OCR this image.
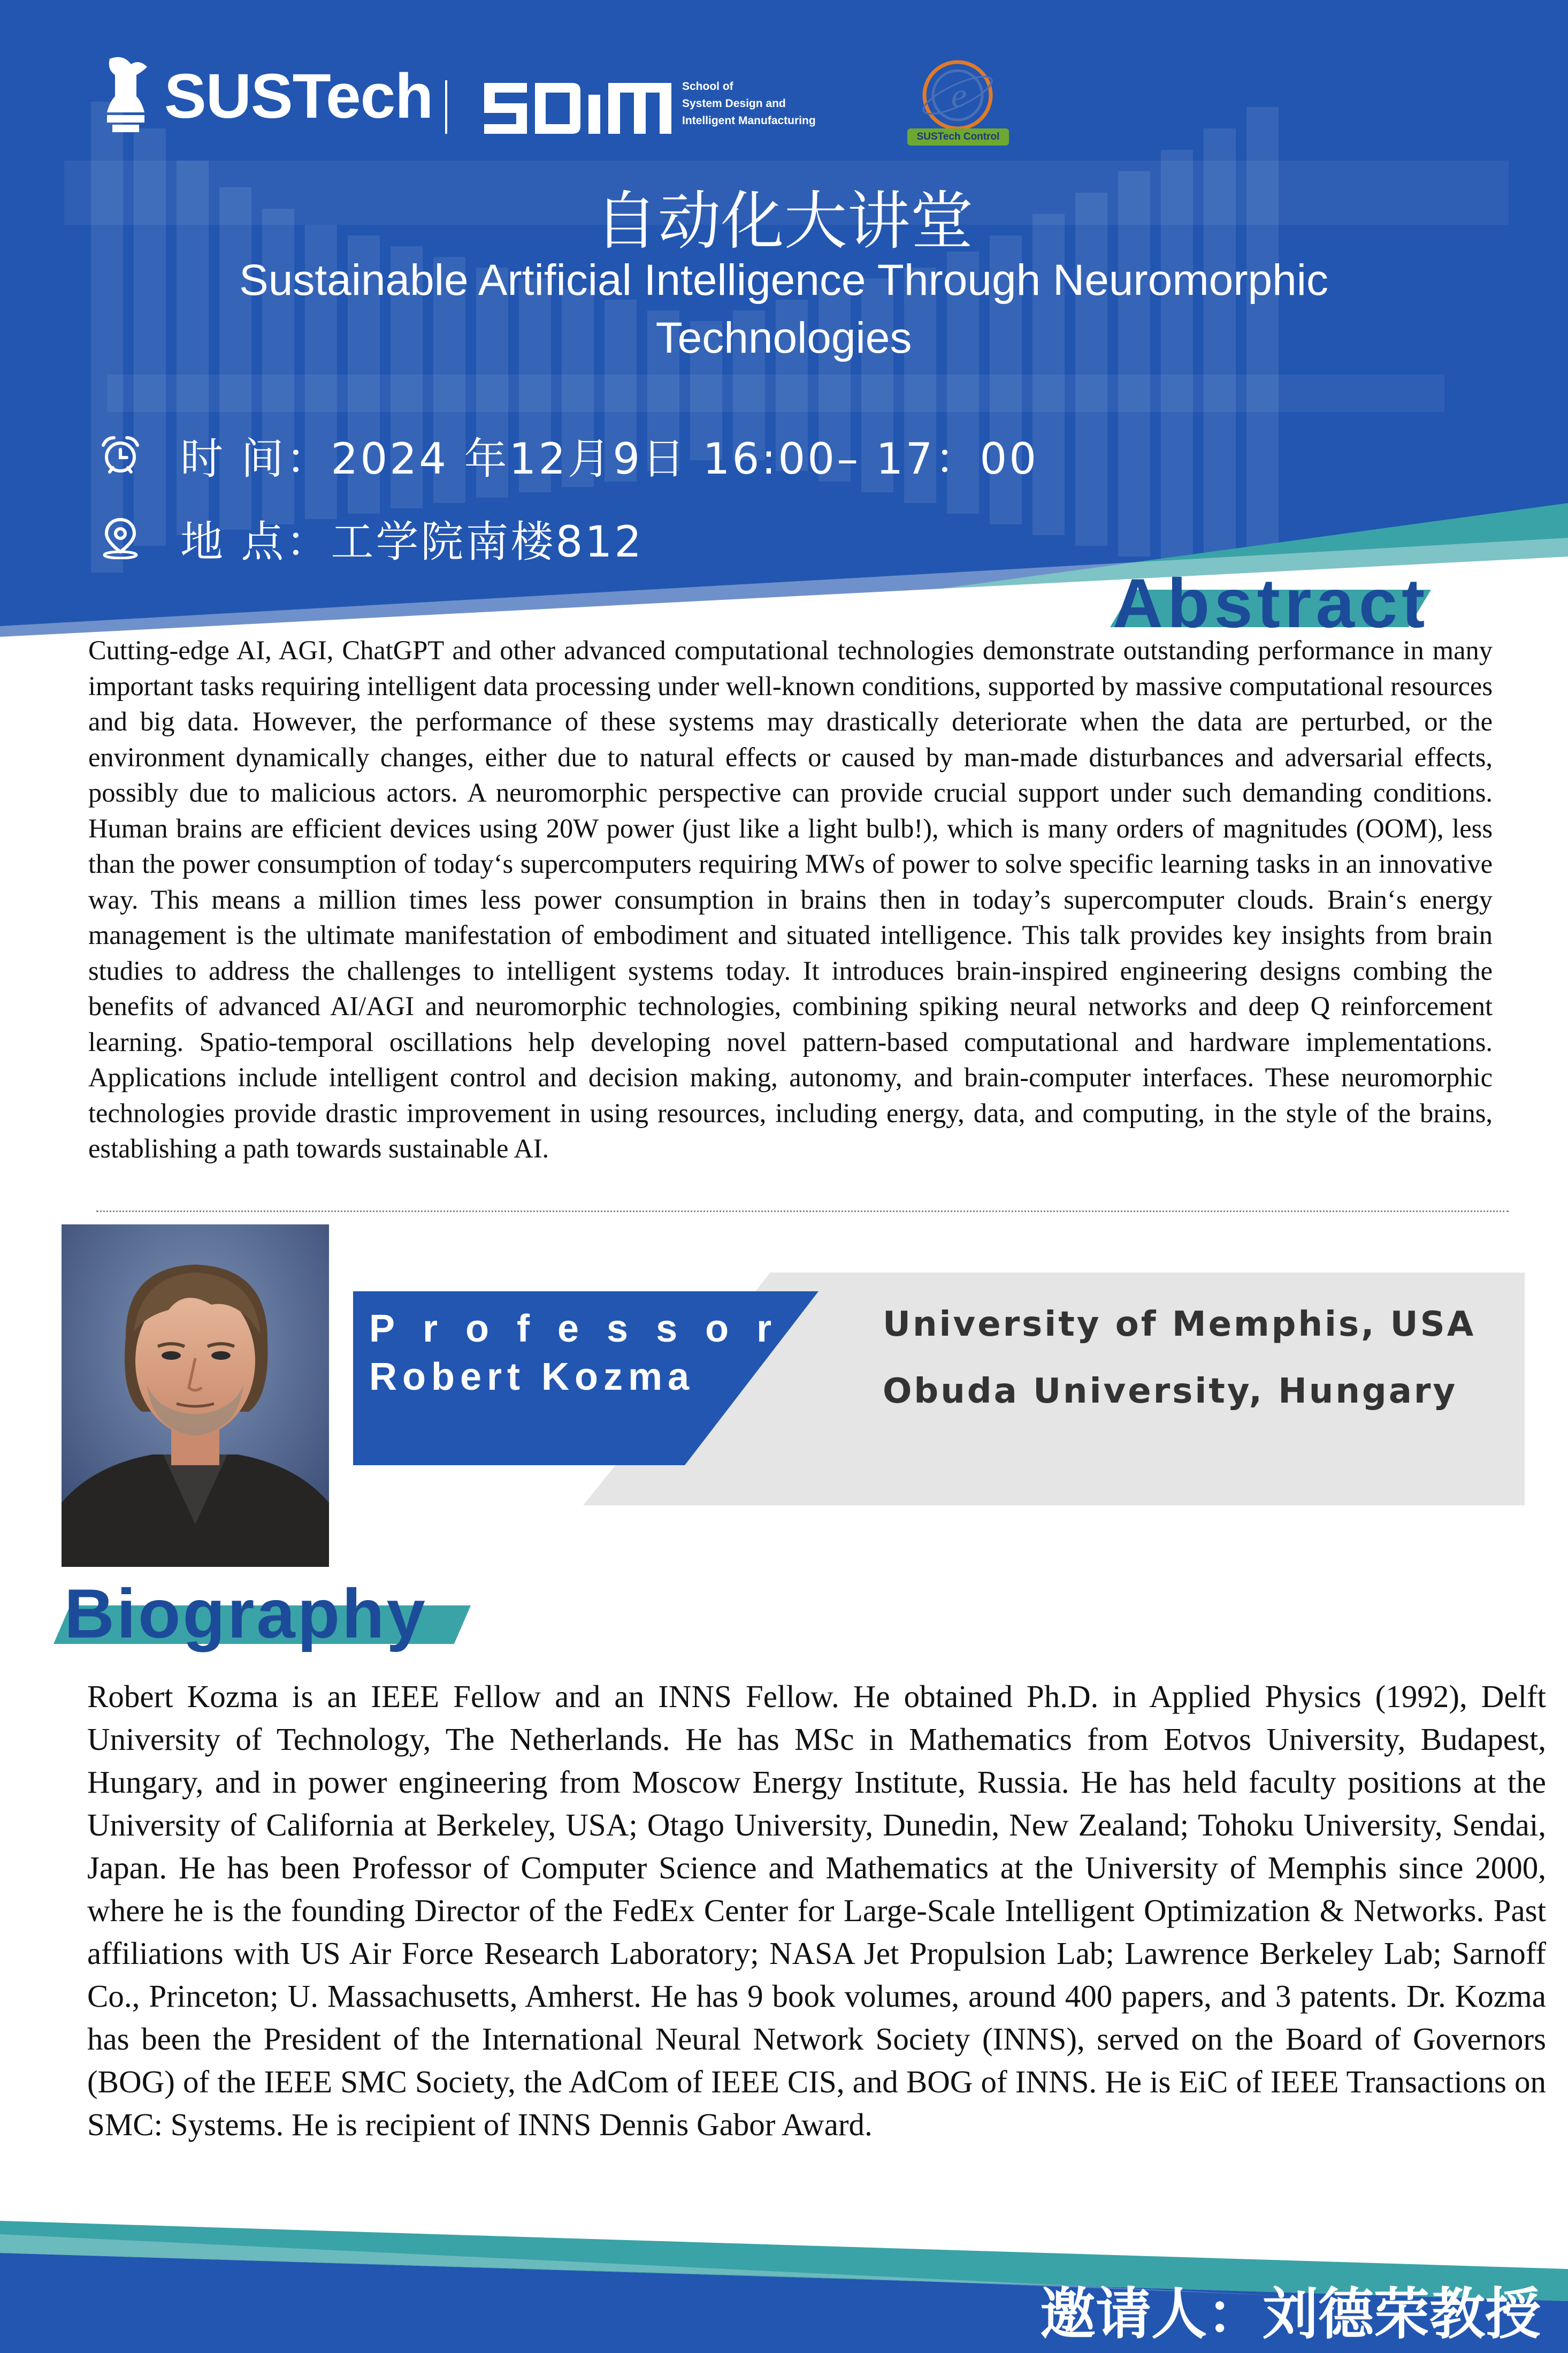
SUSTech	School of
System Design and
Intelligent Manufacturing
e
SUSTech Control
自动化大讲堂
Sustainable Artificial Intelligence Through Neuromorphic Technologies
时 间：2024 年12月9日 16:00– 17：00
地 点：工学院南楼812
Abstract
Cutting-edge AI, AGI, ChatGPT and other advanced computational technologies demonstrate outstanding performance in many important tasks requiring intelligent data processing under well-known conditions, supported by massive computational resources and big data. However, the performance of these systems may drastically deteriorate when the data are perturbed, or the environment dynamically changes, either due to natural effects or caused by man-made disturbances and adversarial effects, possibly due to malicious actors. A neuromorphic perspective can provide crucial support under such demanding conditions. Human brains are efficient devices using 20W power (just like a light bulb!), which is many orders of magnitudes (OOM), less than the power consumption of today‘s supercomputers requiring MWs of power to solve specific learning tasks in an innovative way. This means a million times less power consumption in brains then in today’s supercomputer clouds. Brain‘s energy management is the ultimate manifestation of embodiment and situated intelligence. This talk provides key insights from brain studies to address the challenges to intelligent systems today. It introduces brain-inspired engineering designs combing the benefits of advanced AI/AGI and neuromorphic technologies, combining spiking neural networks and deep Q reinforcement learning. Spatio-temporal oscillations help developing novel pattern-based computational and hardware implementations. Applications include intelligent control and decision making, autonomy, and brain-computer interfaces. These neuromorphic technologies provide drastic improvement in using resources, including energy, data, and computing, in the style of the brains, establishing a path towards sustainable AI.
Professor
Robert Kozma
University of Memphis, USA
Obuda University, Hungary
Biography
Robert Kozma is an IEEE Fellow and an INNS Fellow. He obtained Ph.D. in Applied Physics (1992), Delft University of Technology, The Netherlands. He has MSc in Mathematics from Eotvos University, Budapest, Hungary, and in power engineering from Moscow Energy Institute, Russia. He has held faculty positions at the University of California at Berkeley, USA; Otago University, Dunedin, New Zealand; Tohoku University, Sendai, Japan. He has been Professor of Computer Science and Mathematics at the University of Memphis since 2000, where he is the founding Director of the FedEx Center for Large-Scale Intelligent Optimization & Networks. Past affiliations with US Air Force Research Laboratory; NASA Jet Propulsion Lab; Lawrence Berkeley Lab; Sarnoff Co., Princeton; U. Massachusetts, Amherst. He has 9 book volumes, around 400 papers, and 3 patents. Dr. Kozma has been the President of the International Neural Network Society (INNS), served on the Board of Governors (BOG) of the IEEE SMC Society, the AdCom of IEEE CIS, and BOG of INNS. He is EiC of IEEE Transactions on SMC: Systems. He is recipient of INNS Dennis Gabor Award.
邀请人：刘德荣教授
